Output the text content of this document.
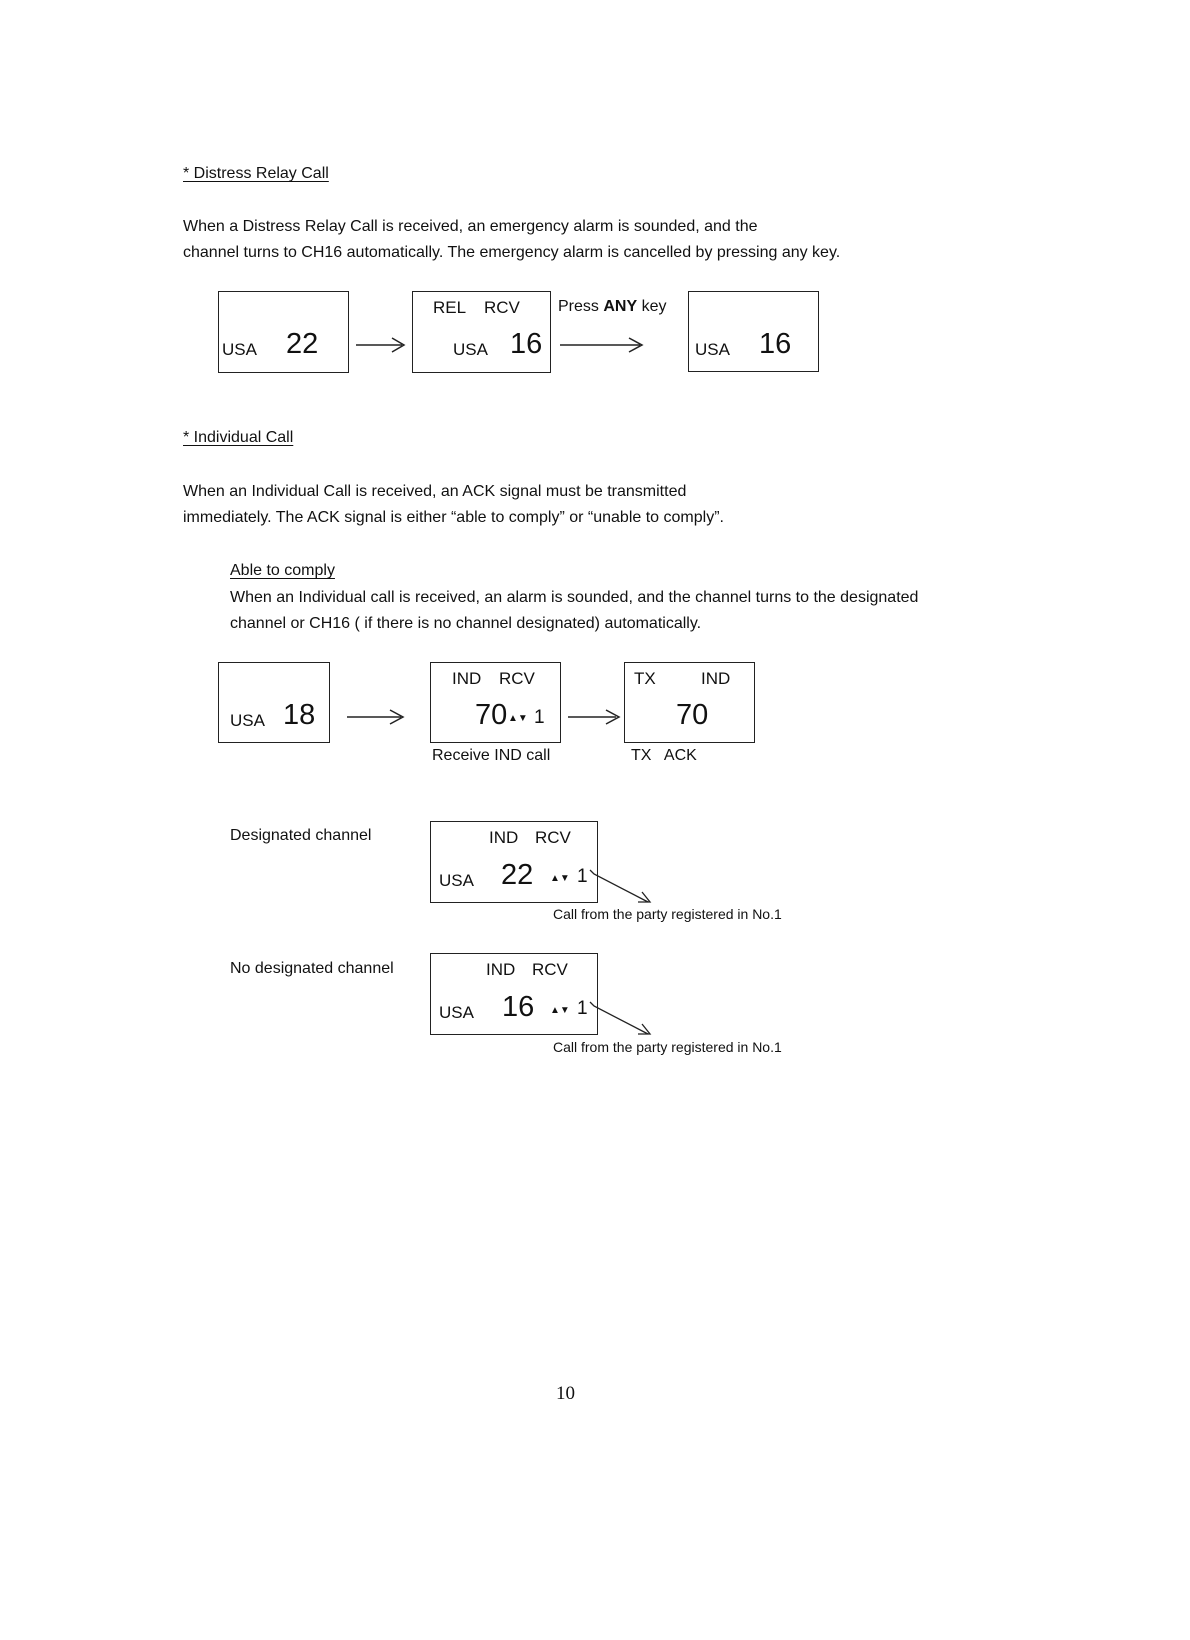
* Distress Relay Call
When a Distress Relay Call is received, an emergency alarm is sounded, and the
channel turns to CH16 automatically. The emergency alarm is cancelled by pressing any key.
USA 22
REL RCV
USA 16
Press ANY key
USA 16
* Individual Call
When an Individual Call is received, an ACK signal must be transmitted
immediately. The ACK signal is either “able to comply” or “unable to comply”.
Able to comply
When an Individual call is received, an alarm is sounded, and the channel turns to the designated
channel or CH16 ( if there is no channel designated) automatically.
USA 18
IND RCV
70 ▲▼ 1
Receive IND call
TX	IND
70
TX   ACK
Designated channel	IND RCV
USA 22 ▲▼ 1
Call from the party registered in No.1
No designated channel	IND RCV
USA 16 ▲▼ 1
Call from the party registered in No.1
10
